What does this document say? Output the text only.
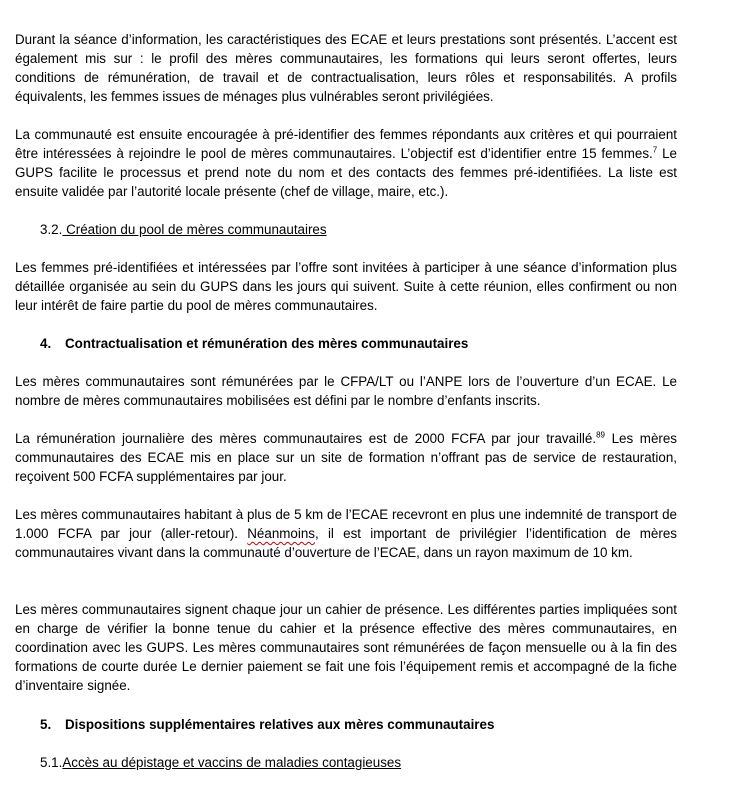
Durant la séance d’information, les caractéristiques des ECAE et leurs prestations sont présentés. L’accent est également mis sur : le profil des mères communautaires, les formations qui leurs seront offertes, leurs conditions de rémunération, de travail et de contractualisation, leurs rôles et responsabilités. A profils équivalents, les femmes issues de ménages plus vulnérables seront privilégiées.

La communauté est ensuite encouragée à pré-identifier des femmes répondants aux critères et qui pourraient être intéressées à rejoindre le pool de mères communautaires. L’objectif est d’identifier entre 15 femmes.$^7$ Le GUPS facilite le processus et prend note du nom et des contacts des femmes pré-identifiées. La liste est ensuite validée par l’autorité locale présente (chef de village, maire, etc.).

3.2. Création du pool de mères communautaires

Les femmes pré-identifiées et intéressées par l’offre sont invitées à participer à une séance d’information plus détaillée organisée au sein du GUPS dans les jours qui suivent. Suite à cette réunion, elles confirment ou non leur intérêt de faire partie du pool de mères communautaires.

4. Contractualisation et rémunération des mères communautaires

Les mères communautaires sont rémunérées par le CFPA/LT ou l’ANPE lors de l’ouverture d’un ECAE. Le nombre de mères communautaires mobilisées est défini par le nombre d’enfants inscrits.

La rémunération journalière des mères communautaires est de 2000 FCFA par jour travaillé.$^{89}$ Les mères communautaires des ECAE mis en place sur un site de formation n’offrant pas de service de restauration, reçoivent 500 FCFA supplémentaires par jour.

Les mères communautaires habitant à plus de 5 km de l’ECAE recevront en plus une indemnité de transport de 1.000 FCFA par jour (aller-retour). Néanmoins, il est important de privilégier l’identification de mères communautaires vivant dans la communauté d’ouverture de l’ECAE, dans un rayon maximum de 10 km.

Les mères communautaires signent chaque jour un cahier de présence. Les différentes parties impliquées sont en charge de vérifier la bonne tenue du cahier et la présence effective des mères communautaires, en coordination avec les GUPS. Les mères communautaires sont rémunérées de façon mensuelle ou à la fin des formations de courte durée Le dernier paiement se fait une fois l’équipement remis et accompagné de la fiche d’inventaire signée.

5. Dispositions supplémentaires relatives aux mères communautaires
5.1.Accès au dépistage et vaccins de maladies contagieuses
